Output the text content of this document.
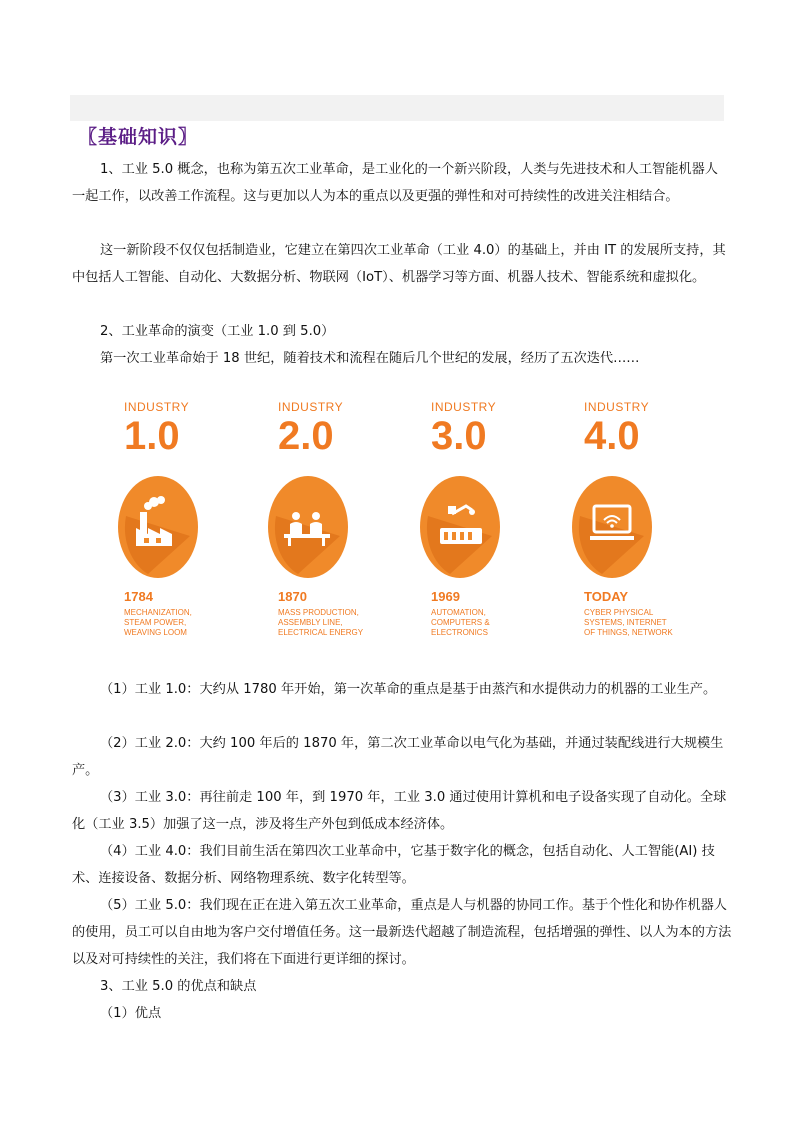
〖基础知识〗
1、工业 5.0 概念，也称为第五次工业革命，是工业化的一个新兴阶段，人类与先进技术和人工智能机器人一起工作，以改善工作流程。这与更加以人为本的重点以及更强的弹性和对可持续性的改进关注相结合。
这一新阶段不仅仅包括制造业，它建立在第四次工业革命（工业 4.0）的基础上，并由 IT 的发展所支持，其中包括人工智能、自动化、大数据分析、物联网（IoT）、机器学习等方面、机器人技术、智能系统和虚拟化。
2、工业革命的演变（工业 1.0 到 5.0）
第一次工业革命始于 18 世纪，随着技术和流程在随后几个世纪的发展，经历了五次迭代……
INDUSTRY
1.0
1784
MECHANIZATION,
STEAM POWER,
WEAVING LOOM
INDUSTRY
2.0
1870
MASS PRODUCTION,
ASSEMBLY LINE,
ELECTRICAL ENERGY
INDUSTRY
3.0
1969
AUTOMATION,
COMPUTERS &
ELECTRONICS
INDUSTRY
4.0
TODAY
CYBER PHYSICAL
SYSTEMS, INTERNET
OF THINGS, NETWORK
（1）工业 1.0：大约从 1780 年开始，第一次革命的重点是基于由蒸汽和水提供动力的机器的工业生产。
（2）工业 2.0：大约 100 年后的 1870 年，第二次工业革命以电气化为基础，并通过装配线进行大规模生产。
（3）工业 3.0：再往前走 100 年，到 1970 年，工业 3.0 通过使用计算机和电子设备实现了自动化。全球化（工业 3.5）加强了这一点，涉及将生产外包到低成本经济体。
（4）工业 4.0：我们目前生活在第四次工业革命中，它基于数字化的概念，包括自动化、人工智能(AI) 技术、连接设备、数据分析、网络物理系统、数字化转型等。
（5）工业 5.0：我们现在正在进入第五次工业革命，重点是人与机器的协同工作。基于个性化和协作机器人的使用，员工可以自由地为客户交付增值任务。这一最新迭代超越了制造流程，包括增强的弹性、以人为本的方法以及对可持续性的关注，我们将在下面进行更详细的探讨。
3、工业 5.0 的优点和缺点
（1）优点
